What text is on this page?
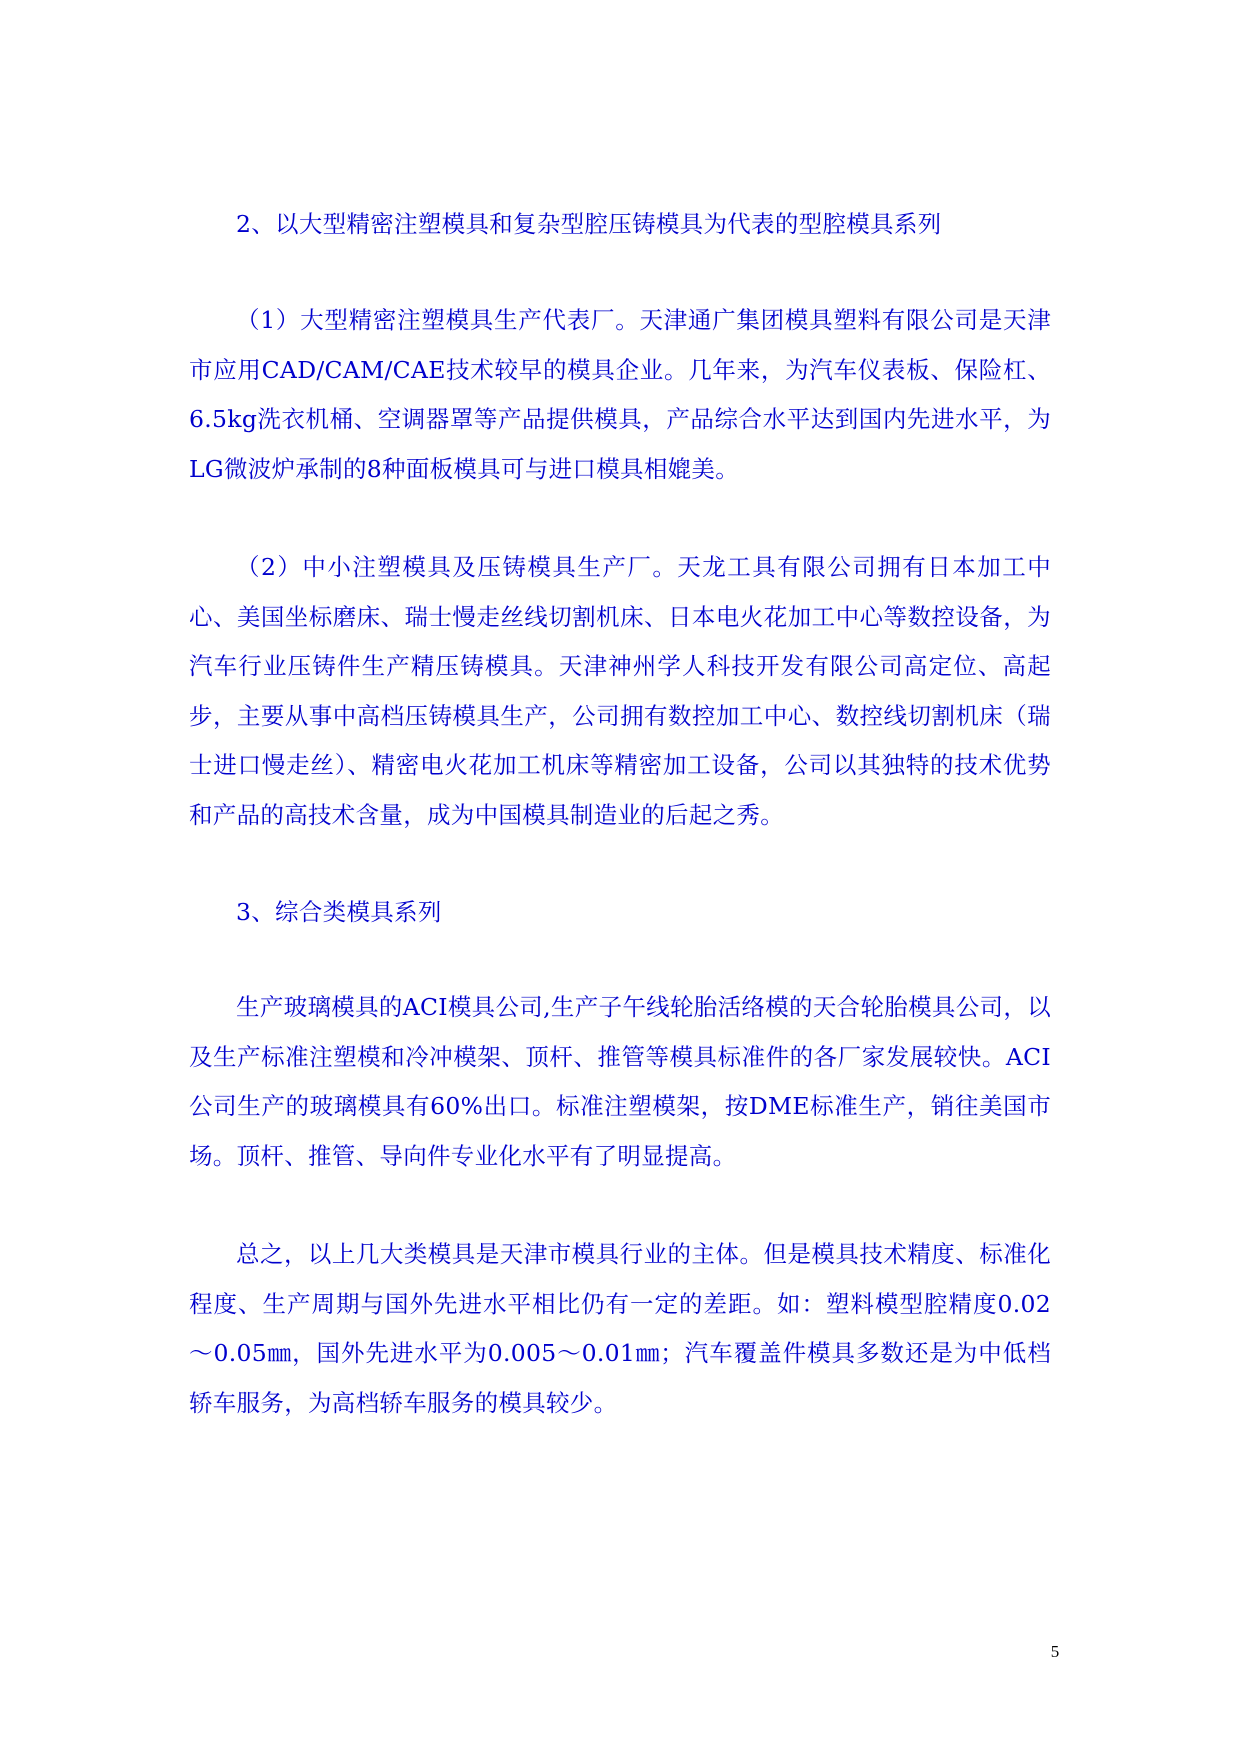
2、以大型精密注塑模具和复杂型腔压铸模具为代表的型腔模具系列

（1）大型精密注塑模具生产代表厂。天津通广集团模具塑料有限公司是天津市应用CAD/CAM/CAE技术较早的模具企业。几年来，为汽车仪表板、保险杠、6.5kg洗衣机桶、空调器罩等产品提供模具，产品综合水平达到国内先进水平，为LG微波炉承制的8种面板模具可与进口模具相媲美。

（2）中小注塑模具及压铸模具生产厂。天龙工具有限公司拥有日本加工中心、美国坐标磨床、瑞士慢走丝线切割机床、日本电火花加工中心等数控设备，为汽车行业压铸件生产精压铸模具。天津神州学人科技开发有限公司高定位、高起步，主要从事中高档压铸模具生产，公司拥有数控加工中心、数控线切割机床（瑞士进口慢走丝）、精密电火花加工机床等精密加工设备，公司以其独特的技术优势和产品的高技术含量，成为中国模具制造业的后起之秀。

3、综合类模具系列

生产玻璃模具的ACI模具公司,生产子午线轮胎活络模的天合轮胎模具公司，以及生产标准注塑模和冷冲模架、顶杆、推管等模具标准件的各厂家发展较快。ACI公司生产的玻璃模具有60%出口。标准注塑模架，按DME标准生产，销往美国市场。顶杆、推管、导向件专业化水平有了明显提高。

总之，以上几大类模具是天津市模具行业的主体。但是模具技术精度、标准化程度、生产周期与国外先进水平相比仍有一定的差距。如：塑料模型腔精度0.02～0.05㎜，国外先进水平为0.005～0.01㎜；汽车覆盖件模具多数还是为中低档轿车服务，为高档轿车服务的模具较少。

5
